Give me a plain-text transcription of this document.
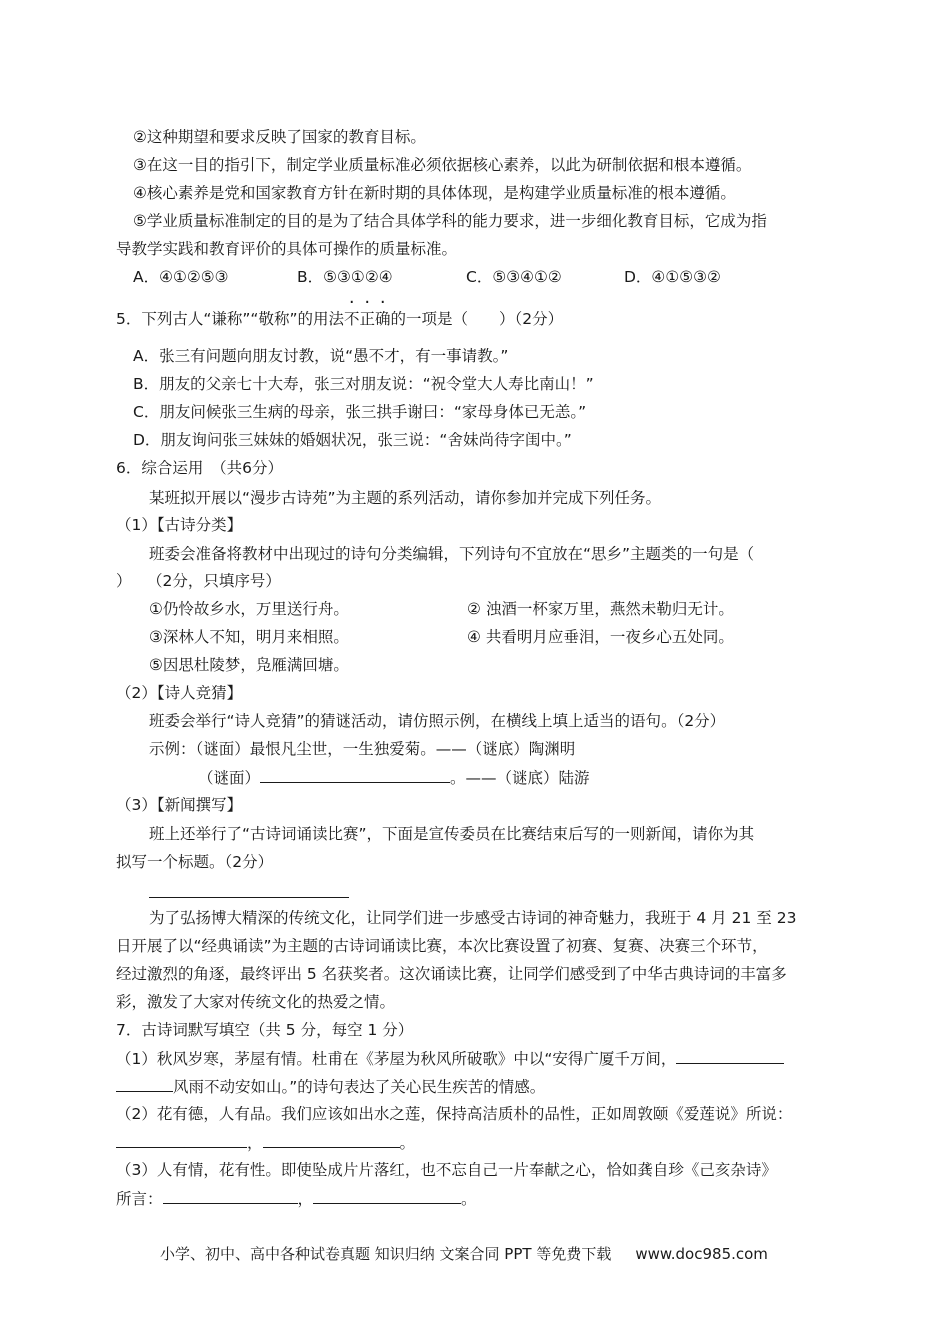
②这种期望和要求反映了国家的教育目标。
③在这一目的指引下，制定学业质量标准必须依据核心素养，以此为研制依据和根本遵循。
④核心素养是党和国家教育方针在新时期的具体体现，是构建学业质量标准的根本遵循。
⑤学业质量标准制定的目的是为了结合具体学科的能力要求，进一步细化教育目标，它成为指
导教学实践和教育评价的具体可操作的质量标准。
A．④①②⑤③	B．⑤③①②④	C．⑤③④①②	D．④①⑤③②
5．下列古人“谦称”“敬称”的用法不正确的一项是（　　）（2分）
A．张三有问题向朋友讨教，说“愚不才，有一事请教。”
B．朋友的父亲七十大寿，张三对朋友说：“祝令堂大人寿比南山！”
C．朋友问候张三生病的母亲，张三拱手谢曰：“家母身体已无恙。”
D．朋友询问张三妹妹的婚姻状况，张三说：“舍妹尚待字闺中。”
6．综合运用　（共6分）
某班拟开展以“漫步古诗苑”为主题的系列活动，请你参加并完成下列任务。
（1）【古诗分类】
班委会准备将教材中出现过的诗句分类编辑，下列诗句不宜放在“思乡”主题类的一句是（
）　　（2分，只填序号）
①仍怜故乡水，万里送行舟。	② 浊酒一杯家万里，燕然未勒归无计。
③深林人不知，明月来相照。	④ 共看明月应垂泪，一夜乡心五处同。
⑤因思杜陵梦，凫雁满回塘。
（2）【诗人竞猜】
班委会举行“诗人竞猜”的猜谜活动，请仿照示例，在横线上填上适当的语句。（2分）
示例：（谜面）最恨凡尘世，一生独爱菊。——（谜底）陶渊明
（谜面）	。——（谜底）陆游
（3）【新闻撰写】
班上还举行了“古诗词诵读比赛”，下面是宣传委员在比赛结束后写的一则新闻，请你为其
拟写一个标题。（2分）
为了弘扬博大精深的传统文化，让同学们进一步感受古诗词的神奇魅力，我班于 4 月 21 至 23
日开展了以“经典诵读”为主题的古诗词诵读比赛，本次比赛设置了初赛、复赛、决赛三个环节，
经过激烈的角逐，最终评出 5 名获奖者。这次诵读比赛，让同学们感受到了中华古典诗词的丰富多
彩，激发了大家对传统文化的热爱之情。
7．古诗词默写填空（共 5 分，每空 1 分）
（1）秋风岁寒，茅屋有情。杜甫在《茅屋为秋风所破歌》中以“安得广厦千万间，
风雨不动安如山。”的诗句表达了关心民生疾苦的情感。
（2）花有德，人有品。我们应该如出水之莲，保持高洁质朴的品性，正如周敦颐《爱莲说》所说：
，	。
（3）人有情，花有性。即使坠成片片落红，也不忘自己一片奉献之心，恰如龚自珍《己亥杂诗》
所言：	，	。
小学、初中、高中各种试卷真题 知识归纳 文案合同 PPT 等免费下载 www.doc985.com
